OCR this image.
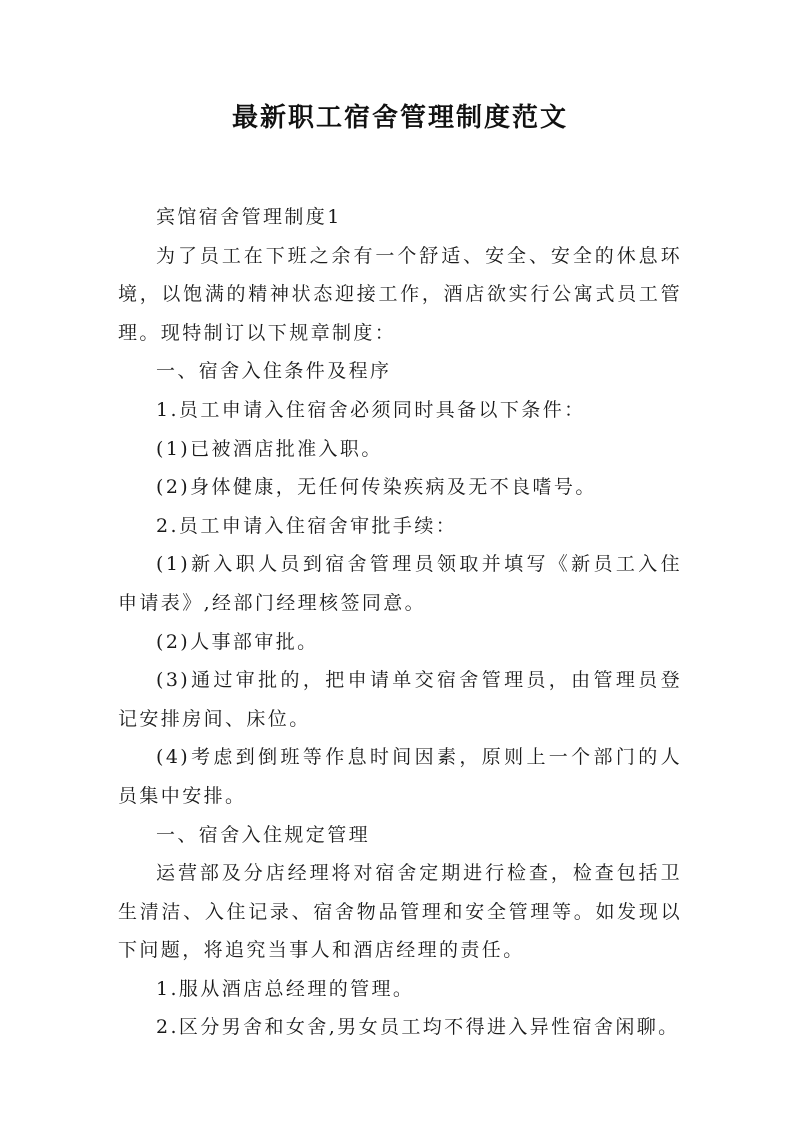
最新职工宿舍管理制度范文

宾馆宿舍管理制度1

为了员工在下班之余有一个舒适、安全、安全的休息环境，以饱满的精神状态迎接工作，酒店欲实行公寓式员工管理。现特制订以下规章制度：

一、宿舍入住条件及程序

1.员工申请入住宿舍必须同时具备以下条件：

(1)已被酒店批准入职。

(2)身体健康，无任何传染疾病及无不良嗜号。

2.员工申请入住宿舍审批手续：

(1)新入职人员到宿舍管理员领取并填写《新员工入住申请表》,经部门经理核签同意。

(2)人事部审批。

(3)通过审批的，把申请单交宿舍管理员，由管理员登记安排房间、床位。

(4)考虑到倒班等作息时间因素，原则上一个部门的人员集中安排。

一、宿舍入住规定管理

运营部及分店经理将对宿舍定期进行检查，检查包括卫生清洁、入住记录、宿舍物品管理和安全管理等。如发现以下问题，将追究当事人和酒店经理的责任。

1.服从酒店总经理的管理。

2.区分男舍和女舍,男女员工均不得进入异性宿舍闲聊。
